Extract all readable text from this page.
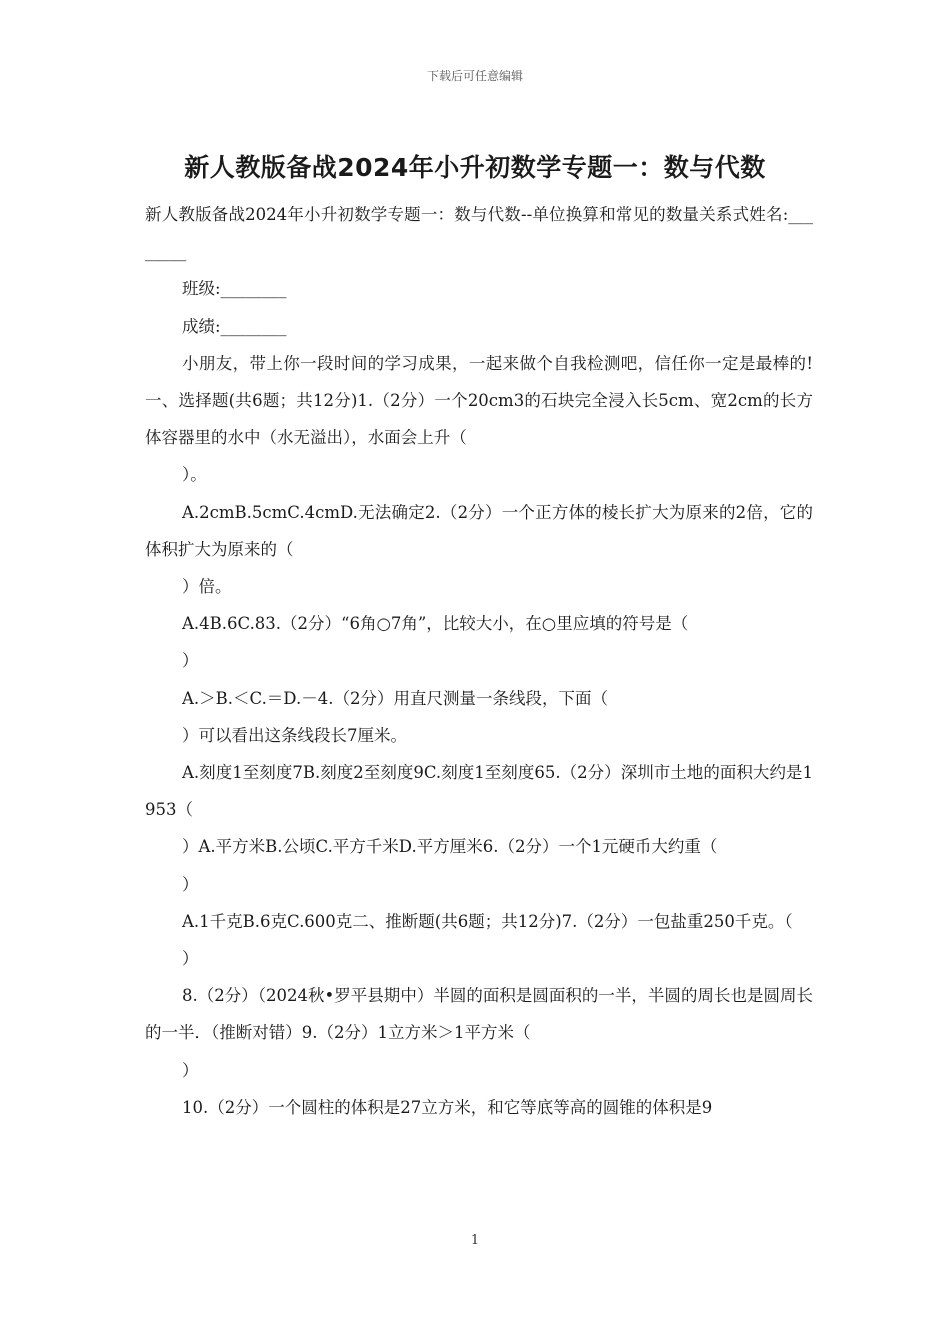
下载后可任意编辑
新人教版备战2024年小升初数学专题一：数与代数

新人教版备战2024年小升初数学专题一：数与代数--单位换算和常见的数量关系式姓名:________

班级:________

成绩:________

小朋友，带上你一段时间的学习成果，一起来做个自我检测吧，信任你一定是最棒的!一、选择题(共6题；共12分)1.（2分）一个20cm3的石块完全浸入长5cm、宽2cm的长方体容器里的水中（水无溢出），水面会上升（

）。

A.2cmB.5cmC.4cmD.无法确定2.（2分）一个正方体的棱长扩大为原来的2倍，它的体积扩大为原来的（

）倍。

A.4B.6C.83.（2分）“6角○7角”，比较大小，在○里应填的符号是（

）

A.＞B.＜C.＝D.－4.（2分）用直尺测量一条线段，下面（

）可以看出这条线段长7厘米。

A.刻度1至刻度7B.刻度2至刻度9C.刻度1至刻度65.（2分）深圳市土地的面积大约是1953（

）A.平方米B.公顷C.平方千米D.平方厘米6.（2分）一个1元硬币大约重（

）

A.1千克B.6克C.600克二、推断题(共6题；共12分)7.（2分）一包盐重250千克。（

）

8.（2分）（2024秋•罗平县期中）半圆的面积是圆面积的一半，半圆的周长也是圆周长的一半．（推断对错）9.（2分）1立方米＞1平方米（

）

10.（2分）一个圆柱的体积是27立方米，和它等底等高的圆锥的体积是9

1
